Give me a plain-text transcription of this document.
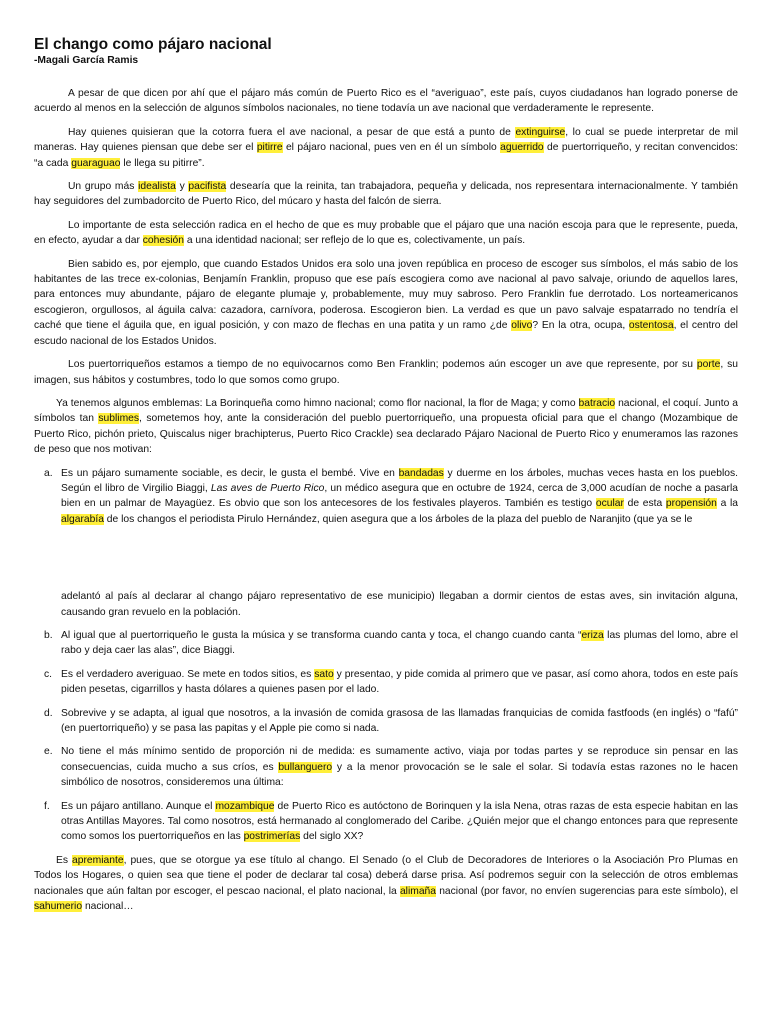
El chango como pájaro nacional
-Magali García Ramis

A pesar de que dicen por ahí que el pájaro más común de Puerto Rico es el “averiguao”, este país, cuyos ciudadanos han logrado ponerse de acuerdo al menos en la selección de algunos símbolos nacionales, no tiene todavía un ave nacional que verdaderamente le represente.

Hay quienes quisieran que la cotorra fuera el ave nacional, a pesar de que está a punto de extinguirse, lo cual se puede interpretar de mil maneras. Hay quienes piensan que debe ser el pitirre el pájaro nacional, pues ven en él un símbolo aguerrido de puertorriqueño, y recitan convencidos: “a cada guaraguao le llega su pitirre”.

Un grupo más idealista y pacifista desearía que la reinita, tan trabajadora, pequeña y delicada, nos representara internacionalmente. Y también hay seguidores del zumbadorcito de Puerto Rico, del múcaro y hasta del falcón de sierra.

Lo importante de esta selección radica en el hecho de que es muy probable que el pájaro que una nación escoja para que le represente, pueda, en efecto, ayudar a dar cohesión a una identidad nacional; ser reflejo de lo que es, colectivamente, un país.

Bien sabido es, por ejemplo, que cuando Estados Unidos era solo una joven república en proceso de escoger sus símbolos, el más sabio de los habitantes de las trece ex-colonias, Benjamín Franklin, propuso que ese país escogiera como ave nacional al pavo salvaje, oriundo de aquellos lares, para entonces muy abundante, pájaro de elegante plumaje y, probablemente, muy muy sabroso. Pero Franklin fue derrotado. Los norteamericanos escogieron, orgullosos, al águila calva: cazadora, carnívora, poderosa. Escogieron bien. La verdad es que un pavo salvaje espatarrado no tendría el caché que tiene el águila que, en igual posición, y con mazo de flechas en una patita y un ramo ¿de olivo? En la otra, ocupa, ostentosa, el centro del escudo nacional de los Estados Unidos.

Los puertorriqueños estamos a tiempo de no equivocarnos como Ben Franklin; podemos aún escoger un ave que represente, por su porte, su imagen, sus hábitos y costumbres, todo lo que somos como grupo.

Ya tenemos algunos emblemas: La Borinqueña como himno nacional; como flor nacional, la flor de Maga; y como batracio nacional, el coquí. Junto a símbolos tan sublimes, sometemos hoy, ante la consideración del pueblo puertorriqueño, una propuesta oficial para que el chango (Mozambique de Puerto Rico, pichón prieto, Quiscalus niger brachipterus, Puerto Rico Crackle) sea declarado Pájaro Nacional de Puerto Rico y enumeramos las razones de peso que nos motivan:

a. Es un pájaro sumamente sociable, es decir, le gusta el bembé. Vive en bandadas y duerme en los árboles, muchas veces hasta en los pueblos. Según el libro de Virgilio Biaggi, Las aves de Puerto Rico, un médico asegura que en octubre de 1924, cerca de 3,000 acudían de noche a pasarla bien en un palmar de Mayagüez. Es obvio que son los antecesores de los festivales playeros. También es testigo ocular de esta propensión a la algarabía de los changos el periodista Pirulo Hernández, quien asegura que a los árboles de la plaza del pueblo de Naranjito (que ya se le
adelantó al país al declarar al chango pájaro representativo de ese municipio) llegaban a dormir cientos de estas aves, sin invitación alguna, causando gran revuelo en la población.
b. Al igual que al puertorriqueño le gusta la música y se transforma cuando canta y toca, el chango cuando canta “eriza las plumas del lomo, abre el rabo y deja caer las alas”, dice Biaggi.
c. Es el verdadero averiguao. Se mete en todos sitios, es sato y presentao, y pide comida al primero que ve pasar, así como ahora, todos en este país piden pesetas, cigarrillos y hasta dólares a quienes pasen por el lado.
d. Sobrevive y se adapta, al igual que nosotros, a la invasión de comida grasosa de las llamadas franquicias de comida fastfoods (en inglés) o “fafú” (en puertorriqueño) y se pasa las papitas y el Apple pie como si nada.
e. No tiene el más mínimo sentido de proporción ni de medida: es sumamente activo, viaja por todas partes y se reproduce sin pensar en las consecuencias, cuida mucho a sus críos, es bullanguero y a la menor provocación se le sale el solar. Si todavía estas razones no le hacen simbólico de nosotros, consideremos una última:
f. Es un pájaro antillano. Aunque el mozambique de Puerto Rico es autóctono de Borinquen y la isla Nena, otras razas de esta especie habitan en las otras Antillas Mayores. Tal como nosotros, está hermanado al conglomerado del Caribe. ¿Quién mejor que el chango entonces para que represente como somos los puertorriqueños en las postrimerías del siglo XX?

Es apremiante, pues, que se otorgue ya ese título al chango. El Senado (o el Club de Decoradores de Interiores o la Asociación Pro Plumas en Todos los Hogares, o quien sea que tiene el poder de declarar tal cosa) deberá darse prisa. Así podremos seguir con la selección de otros emblemas nacionales que aún faltan por escoger, el pescao nacional, el plato nacional, la alimaña nacional (por favor, no envíen sugerencias para este símbolo), el sahumerio nacional…
